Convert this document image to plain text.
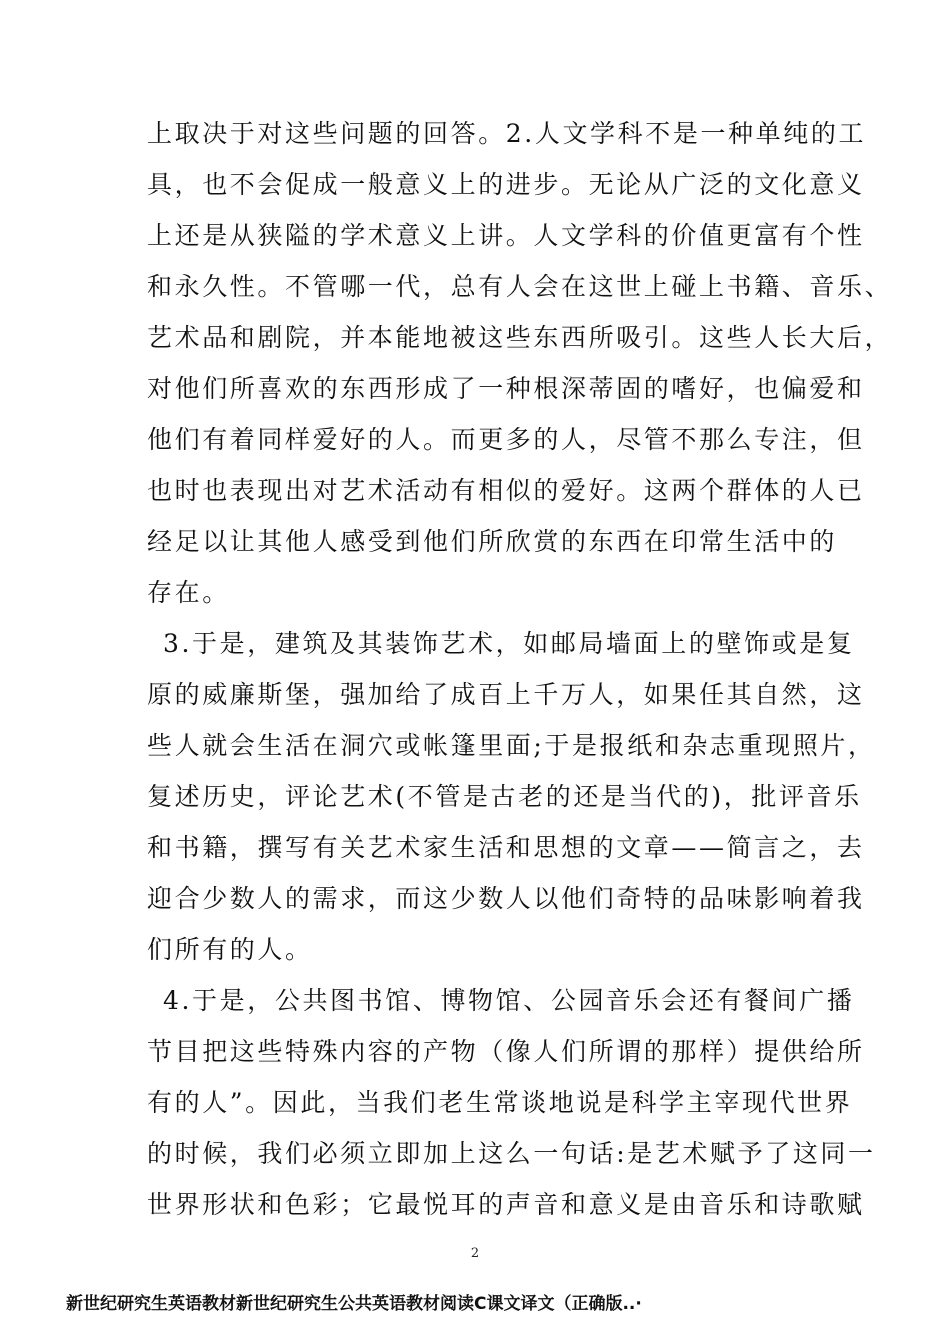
上取决于对这些问题的回答。2.人文学科不是一种单纯的工
具，也不会促成一般意义上的进步。无论从广泛的文化意义
上还是从狭隘的学术意义上讲。人文学科的价值更富有个性
和永久性。不管哪一代，总有人会在这世上碰上书籍、音乐、
艺术品和剧院，并本能地被这些东西所吸引。这些人长大后，
对他们所喜欢的东西形成了一种根深蒂固的嗜好，也偏爱和
他们有着同样爱好的人。而更多的人，尽管不那么专注，但
也时也表现出对艺术活动有相似的爱好。这两个群体的人已
经足以让其他人感受到他们所欣赏的东西在印常生活中的
存在。
3.于是，建筑及其装饰艺术，如邮局墙面上的壁饰或是复
原的威廉斯堡，强加给了成百上千万人，如果任其自然，这
些人就会生活在洞穴或帐篷里面;于是报纸和杂志重现照片，
复述历史，评论艺术(不管是古老的还是当代的)，批评音乐
和书籍，撰写有关艺术家生活和思想的文章——简言之，去
迎合少数人的需求，而这少数人以他们奇特的品味影响着我
们所有的人。
4.于是，公共图书馆、博物馆、公园音乐会还有餐间广播
节目把这些特殊内容的产物（像人们所谓的那样）提供给所
有的人”。因此，当我们老生常谈地说是科学主宰现代世界
的时候，我们必须立即加上这么一句话:是艺术赋予了这同一
世界形状和色彩；它最悦耳的声音和意义是由音乐和诗歌赋
2
新世纪研究生英语教材新世纪研究生公共英语教材阅读C课文译文（正确版..·
